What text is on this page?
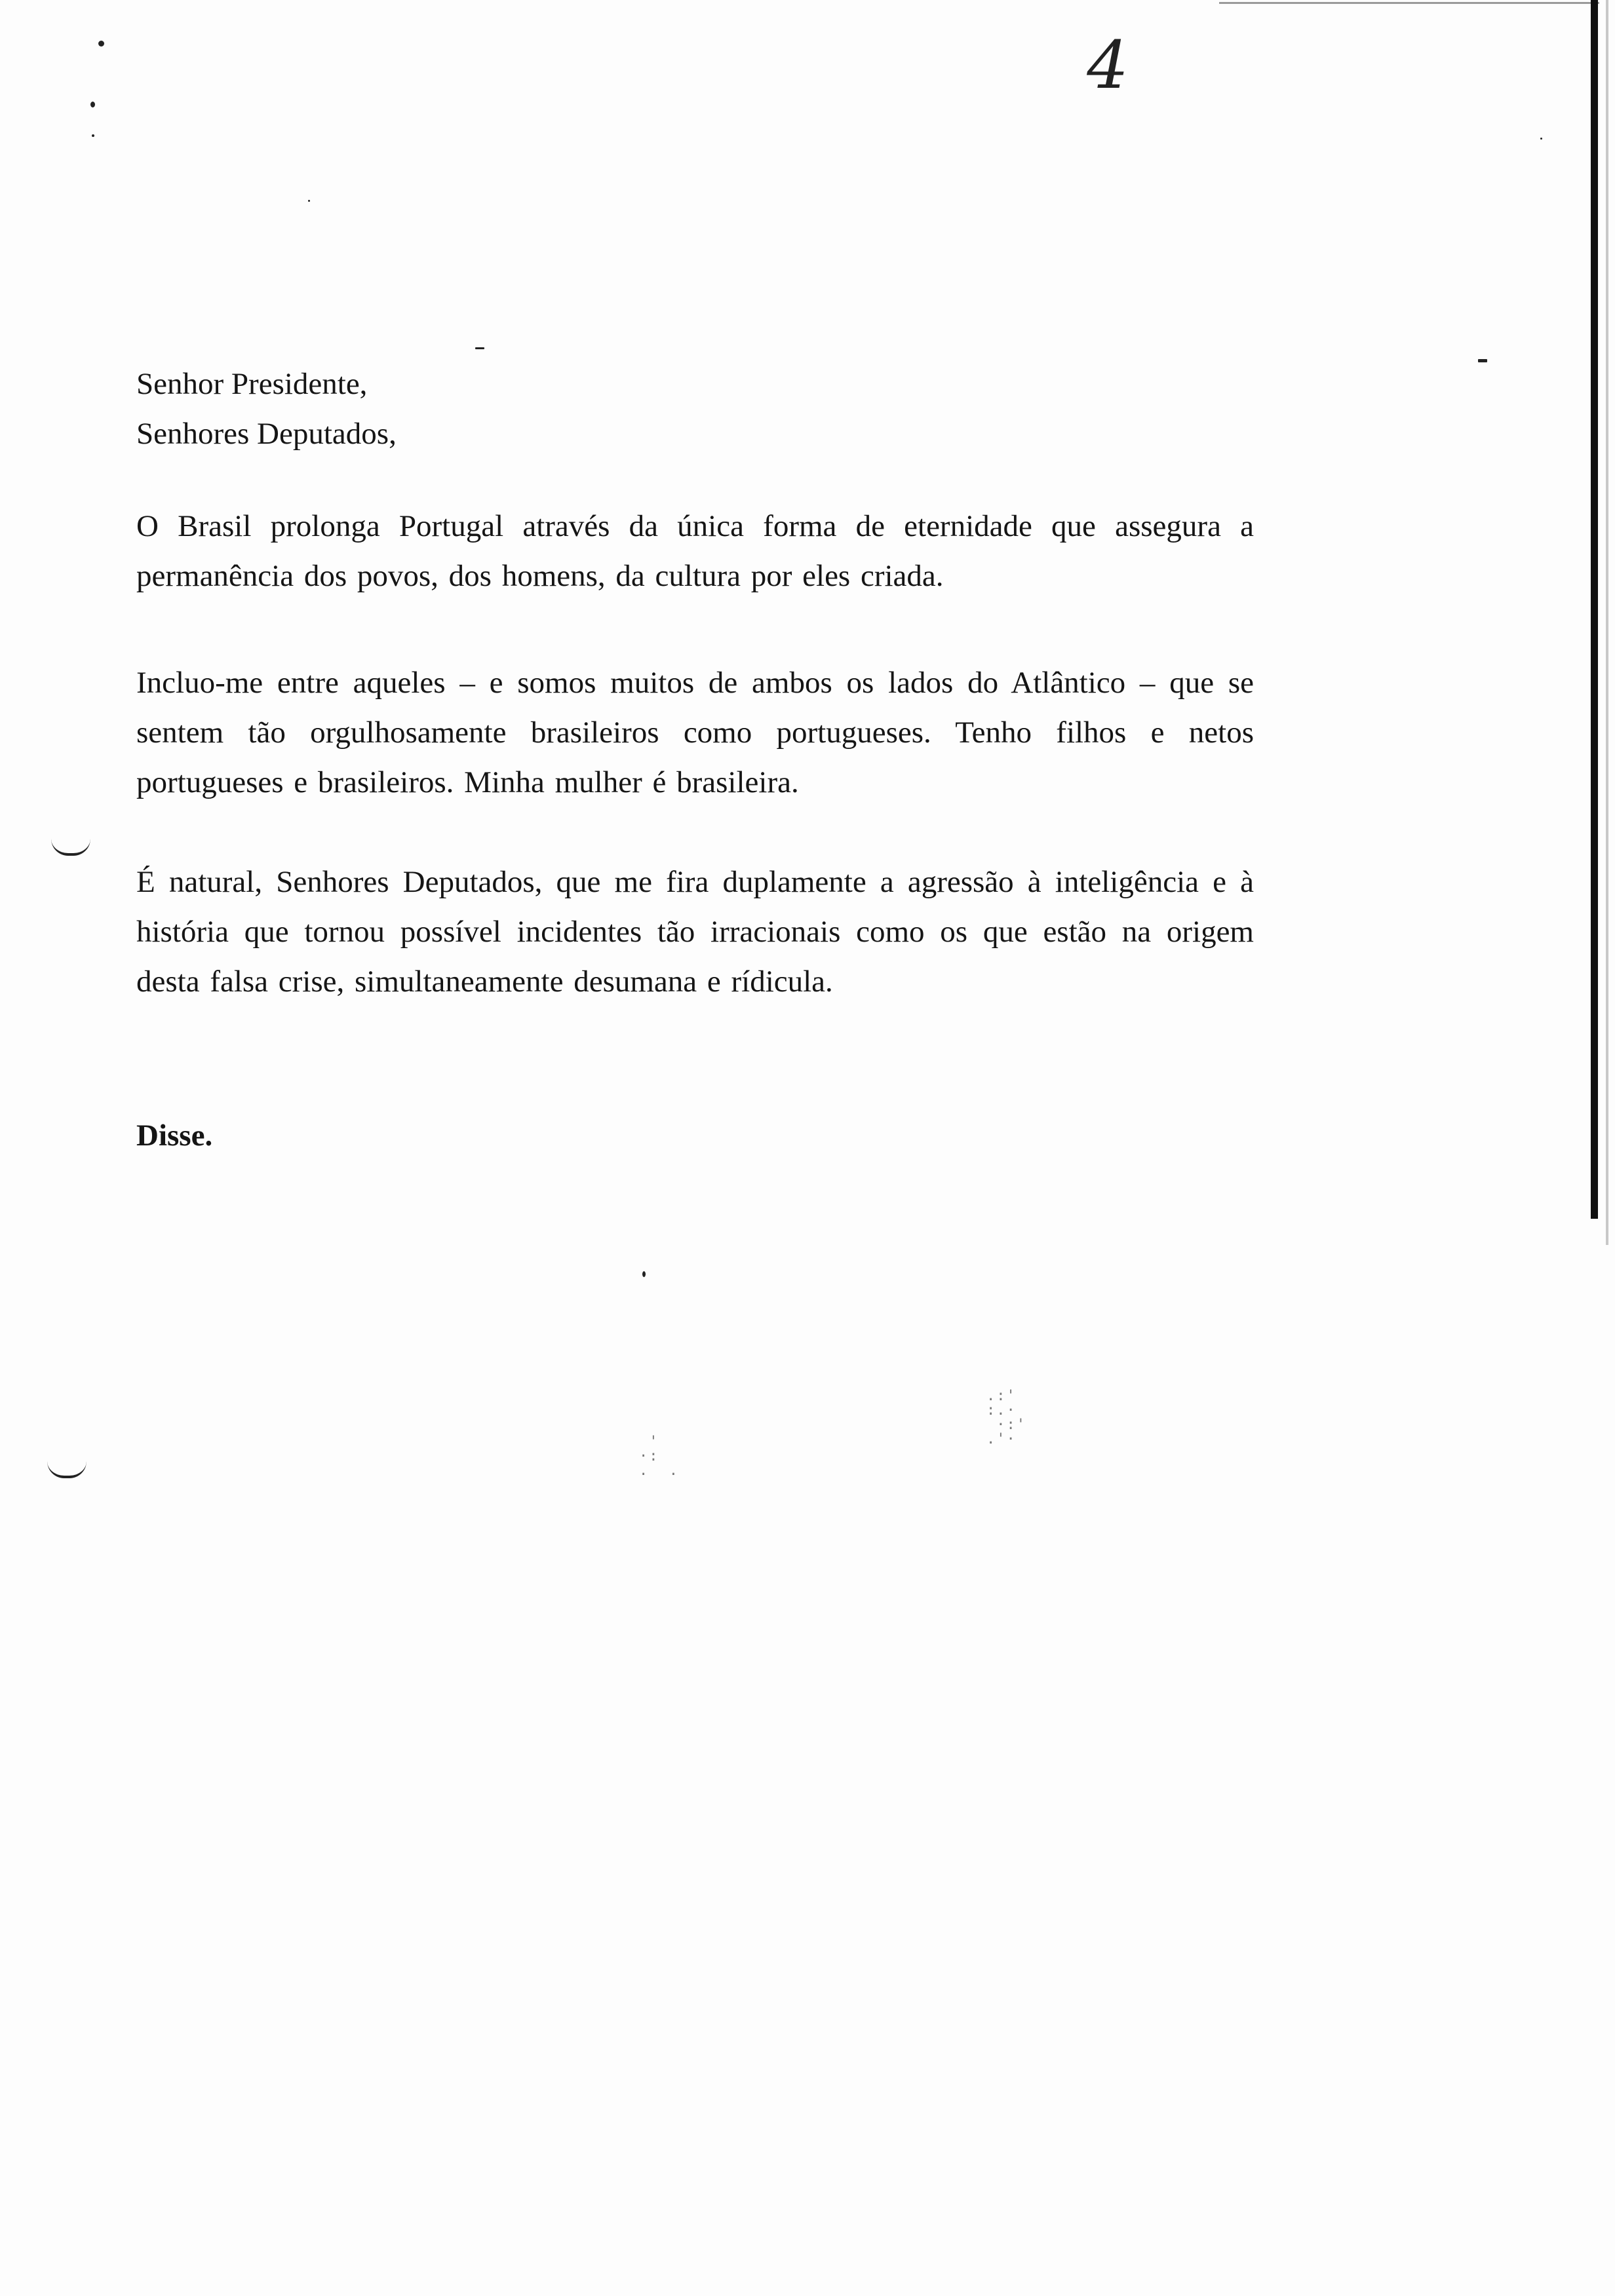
.:'
:.·
·:'
.'·
'
·:
.  .
4
Senhor Presidente,
Senhores Deputados,
O Brasil prolonga Portugal através da única forma de eternidade que assegura a permanência dos povos, dos homens, da cultura por eles criada.
Incluo-me entre aqueles – e somos muitos de ambos os lados do Atlântico – que se sentem tão orgulhosamente brasileiros como portugueses. Tenho filhos e netos portugueses e brasileiros. Minha mulher é brasileira.
É natural, Senhores Deputados, que me fira duplamente a agressão à inteligência e à história que tornou possível incidentes tão irracionais como os que estão na origem desta falsa crise, simultaneamente desumana e rídicula.
Disse.
